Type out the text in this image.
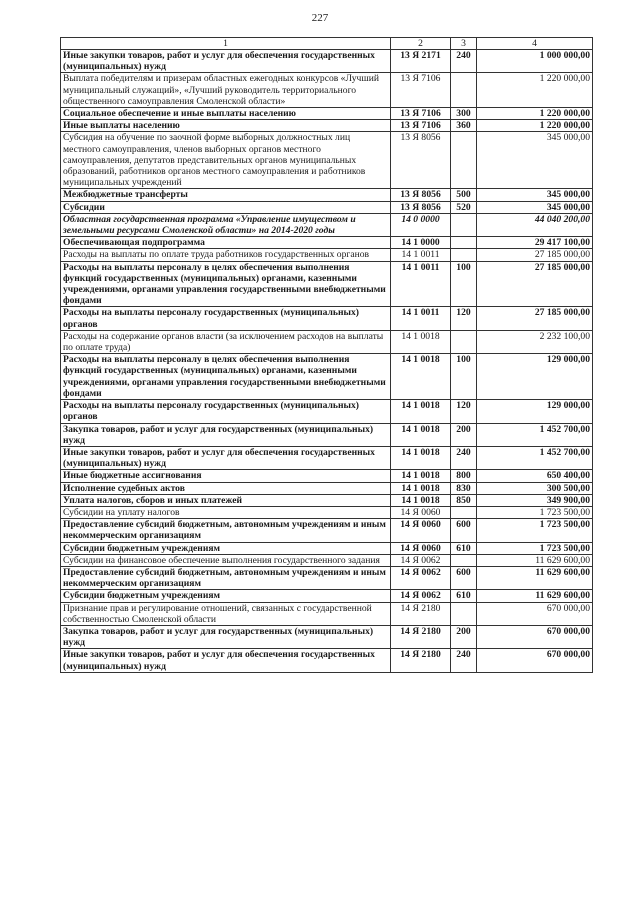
227
1	2	3	4
Иные закупки товаров, работ и услуг для обеспечения государственных (муниципальных) нужд	13 Я 2171	240	1 000 000,00
Выплата победителям и призерам областных ежегодных конкурсов «Лучший муниципальный служащий», «Лучший руководитель территориального общественного самоуправления Смоленской области»	13 Я 7106		1 220 000,00
Социальное обеспечение и иные выплаты населению	13 Я 7106	300	1 220 000,00
Иные выплаты населению	13 Я 7106	360	1 220 000,00
Субсидия на обучение по заочной форме выборных должностных лиц местного самоуправления, членов выборных органов местного самоуправления, депутатов представительных органов муниципальных образований, работников органов местного самоуправления и работников муниципальных учреждений	13 Я 8056		345 000,00
Межбюджетные трансферты	13 Я 8056	500	345 000,00
Субсидии	13 Я 8056	520	345 000,00
Областная государственная программа «Управление имуществом и земельными ресурсами Смоленской области» на 2014-2020 годы	14 0 0000		44 040 200,00
Обеспечивающая подпрограмма	14 1 0000		29 417 100,00
Расходы на выплаты по оплате труда работников государственных органов	14 1 0011		27 185 000,00
Расходы на выплаты персоналу в целях обеспечения выполнения функций государственных (муниципальных) органами, казенными учреждениями, органами управления государственными внебюджетными фондами	14 1 0011	100	27 185 000,00
Расходы на выплаты персоналу государственных (муниципальных) органов	14 1 0011	120	27 185 000,00
Расходы на содержание органов власти (за исключением расходов на выплаты по оплате труда)	14 1 0018		2 232 100,00
Расходы на выплаты персоналу в целях обеспечения выполнения функций государственных (муниципальных) органами, казенными учреждениями, органами управления государственными внебюджетными фондами	14 1 0018	100	129 000,00
Расходы на выплаты персоналу государственных (муниципальных) органов	14 1 0018	120	129 000,00
Закупка товаров, работ и услуг для государственных (муниципальных) нужд	14 1 0018	200	1 452 700,00
Иные закупки товаров, работ и услуг для обеспечения государственных (муниципальных) нужд	14 1 0018	240	1 452 700,00
Иные бюджетные ассигнования	14 1 0018	800	650 400,00
Исполнение судебных актов	14 1 0018	830	300 500,00
Уплата налогов, сборов и иных платежей	14 1 0018	850	349 900,00
Субсидии на уплату налогов	14 Я 0060		1 723 500,00
Предоставление субсидий бюджетным, автономным учреждениям и иным некоммерческим организациям	14 Я 0060	600	1 723 500,00
Субсидии бюджетным учреждениям	14 Я 0060	610	1 723 500,00
Субсидии на финансовое обеспечение выполнения государственного задания	14 Я 0062		11 629 600,00
Предоставление субсидий бюджетным, автономным учреждениям и иным некоммерческим организациям	14 Я 0062	600	11 629 600,00
Субсидии бюджетным учреждениям	14 Я 0062	610	11 629 600,00
Признание прав и регулирование отношений, связанных с государственной собственностью Смоленской области	14 Я 2180		670 000,00
Закупка товаров, работ и услуг для государственных (муниципальных) нужд	14 Я 2180	200	670 000,00
Иные закупки товаров, работ и услуг для обеспечения государственных (муниципальных) нужд	14 Я 2180	240	670 000,00
